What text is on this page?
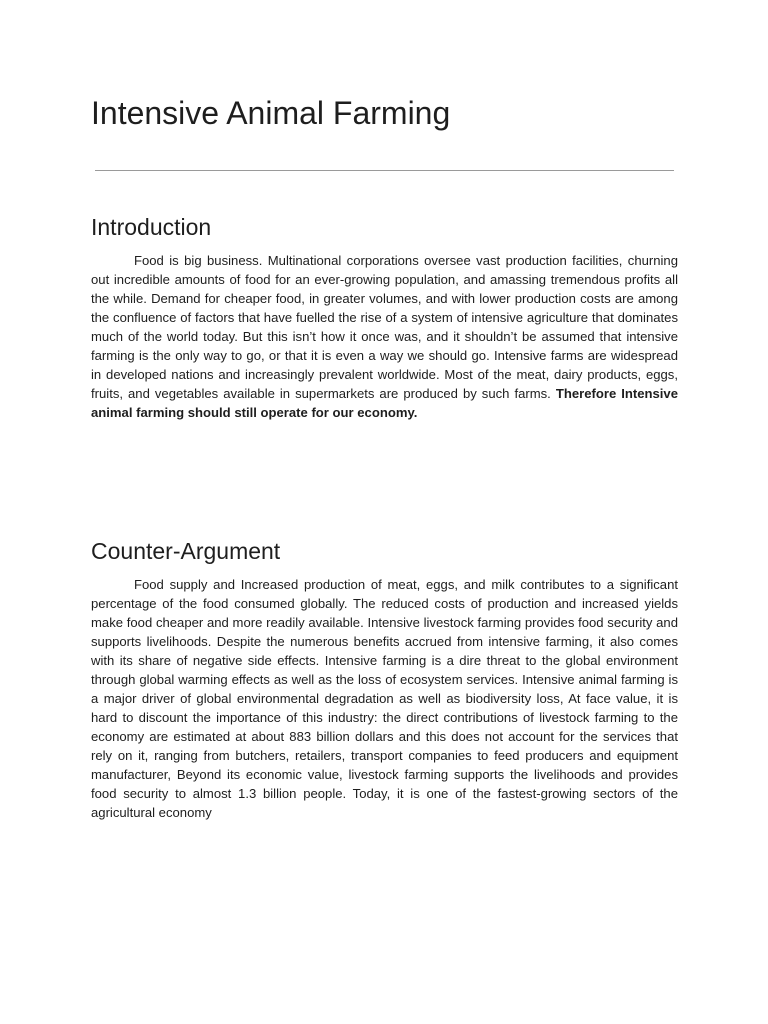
Intensive Animal Farming
Introduction

Food is big business. Multinational corporations oversee vast production facilities, churning out incredible amounts of food for an ever-growing population, and amassing tremendous profits all the while. Demand for cheaper food, in greater volumes, and with lower production costs are among the confluence of factors that have fuelled the rise of a system of intensive agriculture that dominates much of the world today. But this isn’t how it once was, and it shouldn’t be assumed that intensive farming is the only way to go, or that it is even a way we should go. Intensive farms are widespread in developed nations and increasingly prevalent worldwide. Most of the meat, dairy products, eggs, fruits, and vegetables available in supermarkets are produced by such farms. Therefore Intensive animal farming should still operate for our economy.

Counter-Argument

Food supply and Increased production of meat, eggs, and milk contributes to a significant percentage of the food consumed globally. The reduced costs of production and increased yields make food cheaper and more readily available. Intensive livestock farming provides food security and supports livelihoods. Despite the numerous benefits accrued from intensive farming, it also comes with its share of negative side effects. Intensive farming is a dire threat to the global environment through global warming effects as well as the loss of ecosystem services. Intensive animal farming is a major driver of global environmental degradation as well as biodiversity loss, At face value, it is hard to discount the importance of this industry: the direct contributions of livestock farming to the economy are estimated at about 883 billion dollars and this does not account for the services that rely on it, ranging from butchers, retailers, transport companies to feed producers and equipment manufacturer, Beyond its economic value, livestock farming supports the livelihoods and provides food security to almost 1.3 billion people. Today, it is one of the fastest-growing sectors of the agricultural economy
